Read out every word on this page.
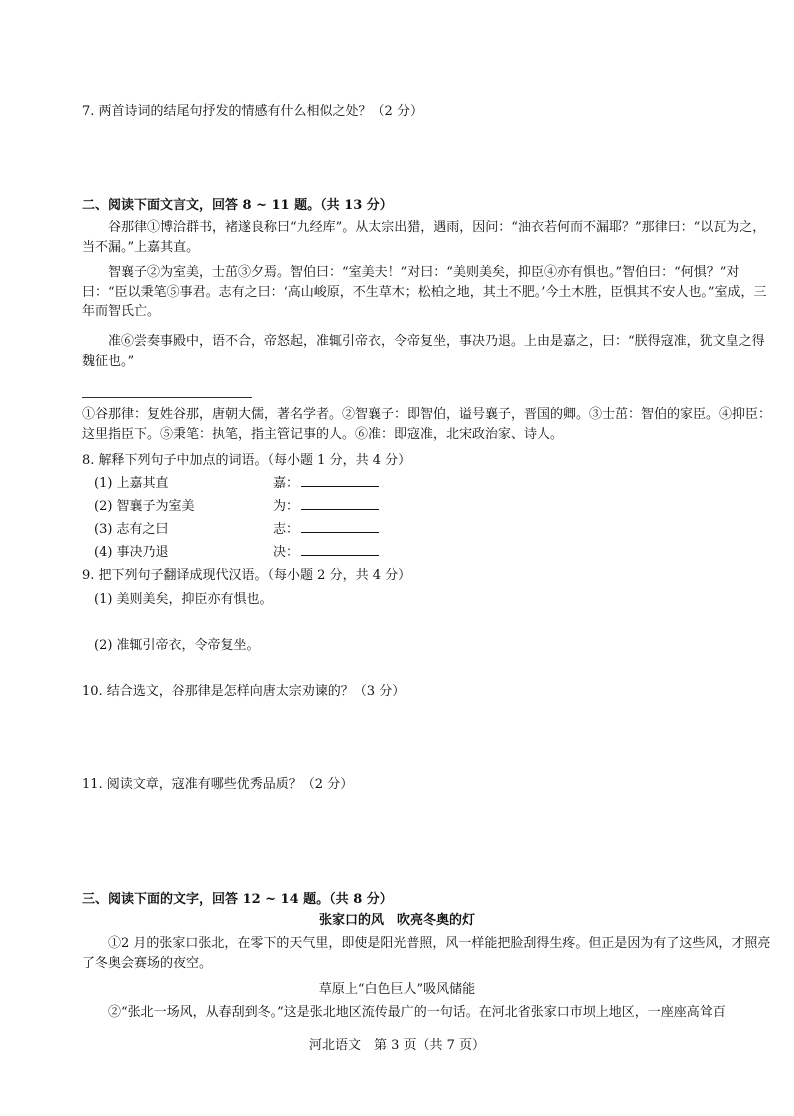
7. 两首诗词的结尾句抒发的情感有什么相似之处？（2 分）
二、阅读下面文言文，回答 8 ~ 11 题。（共 13 分）
谷那律①博洽群书，褚遂良称曰“九经库”。从太宗出猎，遇雨，因问：“油衣若何而不漏耶？”那律曰：“以瓦为之，当不漏。”上嘉其直。
智襄子②为室美，士茁③夕焉。智伯曰：“室美夫！”对曰：“美则美矣，抑臣④亦有惧也。”智伯曰：“何惧？”对曰：“臣以秉笔⑤事君。志有之曰：‘高山峻原，不生草木；松柏之地，其土不肥。’今土木胜，臣惧其不安人也。”室成，三年而智氏亡。
准⑥尝奏事殿中，语不合，帝怒起，准辄引帝衣，令帝复坐，事决乃退。上由是嘉之，曰：“朕得寇准，犹文皇之得魏征也。”
①谷那律：复姓谷那，唐朝大儒，著名学者。②智襄子：即智伯，谥号襄子，晋国的卿。③士茁：智伯的家臣。④抑臣：这里指臣下。⑤秉笔：执笔，指主管记事的人。⑥准：即寇准，北宋政治家、诗人。
8. 解释下列句子中加点的词语。（每小题 1 分，共 4 分）
(1) 上嘉其直	嘉：
(2) 智襄子为室美	为：
(3) 志有之曰	志：
(4) 事决乃退	决：
9. 把下列句子翻译成现代汉语。（每小题 2 分，共 4 分）
(1) 美则美矣，抑臣亦有惧也。
(2) 准辄引帝衣，令帝复坐。
10. 结合选文，谷那律是怎样向唐太宗劝谏的？（3 分）
11. 阅读文章，寇准有哪些优秀品质？（2 分）
三、阅读下面的文字，回答 12 ~ 14 题。（共 8 分）
张家口的风　吹亮冬奥的灯
①2 月的张家口张北，在零下的天气里，即使是阳光普照，风一样能把脸刮得生疼。但正是因为有了这些风，才照亮了冬奥会赛场的夜空。
草原上“白色巨人”吸风储能
②“张北一场风，从春刮到冬。”这是张北地区流传最广的一句话。在河北省张家口市坝上地区，一座座高耸百
河北语文　第 3 页（共 7 页）
